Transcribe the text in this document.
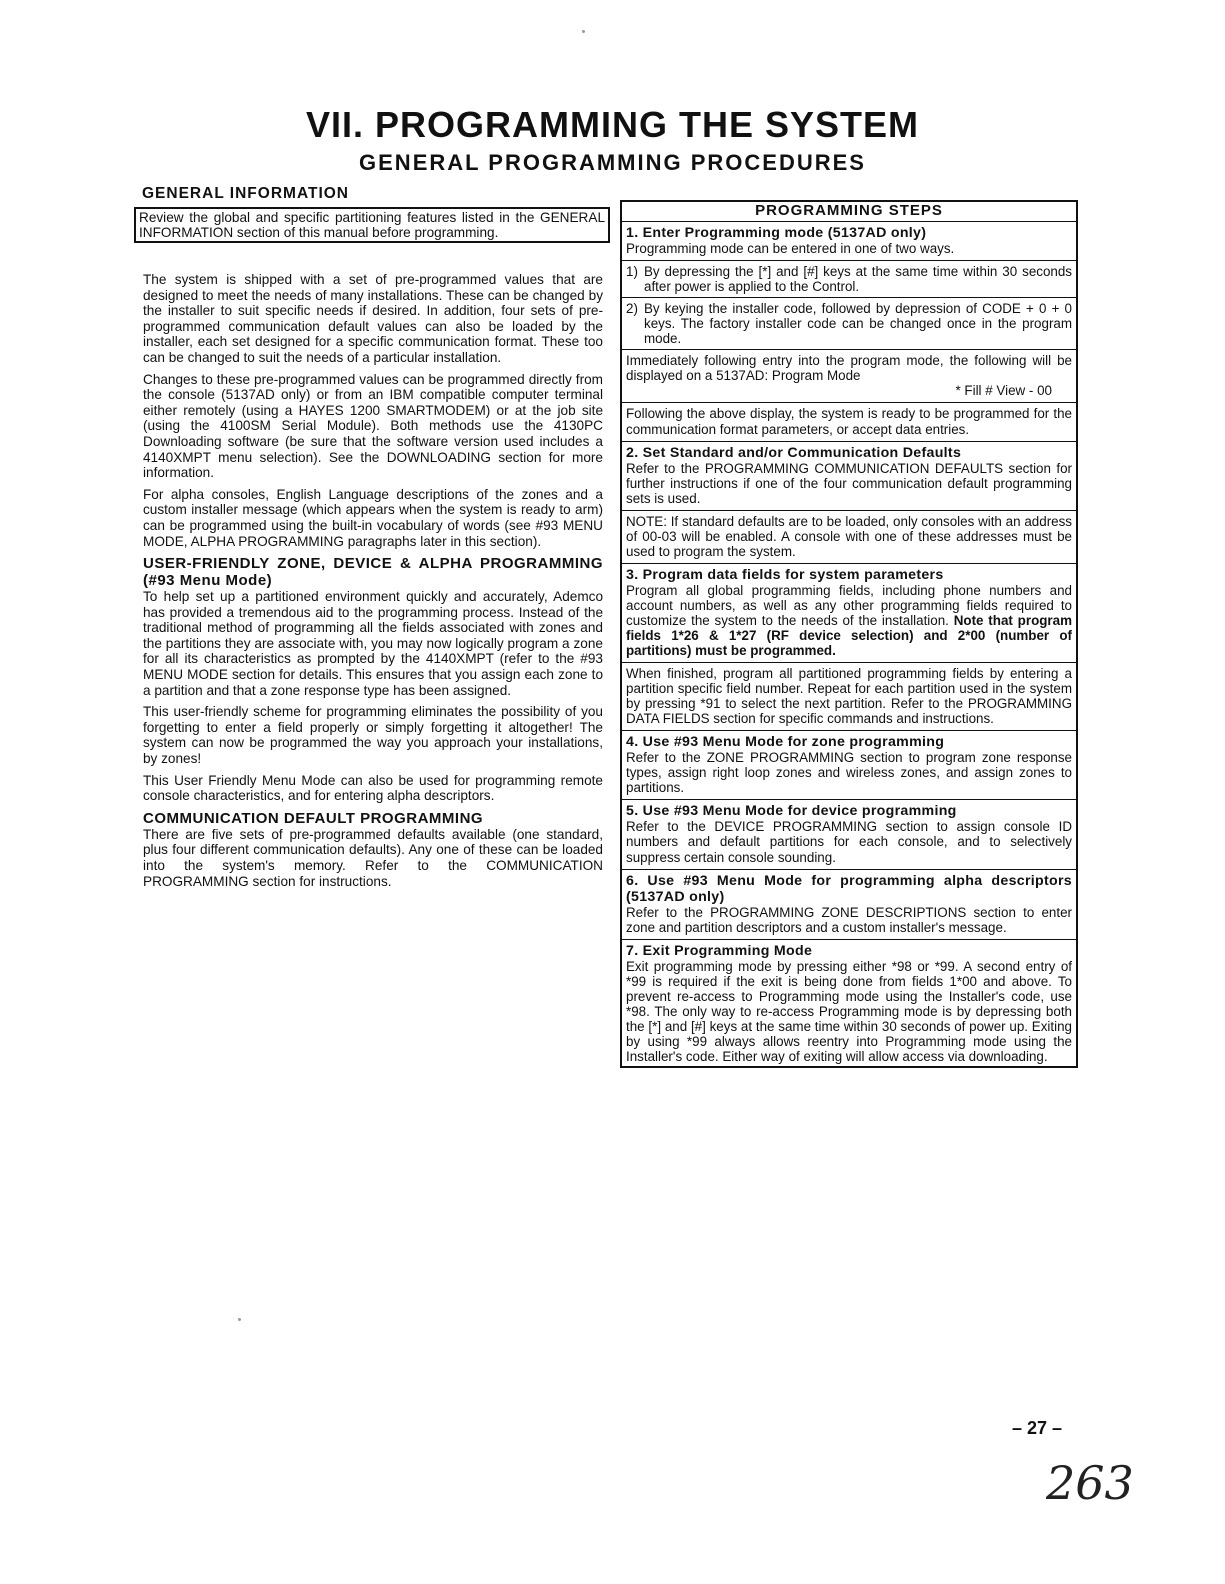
VII. PROGRAMMING THE SYSTEM
GENERAL PROGRAMMING PROCEDURES
GENERAL INFORMATION
Review the global and specific partitioning features listed in the GENERAL INFORMATION section of this manual before programming.

The system is shipped with a set of pre-programmed values that are designed to meet the needs of many installations. These can be changed by the installer to suit specific needs if desired. In addition, four sets of pre-programmed communication default values can also be loaded by the installer, each set designed for a specific communication format. These too can be changed to suit the needs of a particular installation.

Changes to these pre-programmed values can be programmed directly from the console (5137AD only) or from an IBM compatible computer terminal either remotely (using a HAYES 1200 SMARTMODEM) or at the job site (using the 4100SM Serial Module). Both methods use the 4130PC Downloading software (be sure that the software version used includes a 4140XMPT menu selection). See the DOWNLOADING section for more information.

For alpha consoles, English Language descriptions of the zones and a custom installer message (which appears when the system is ready to arm) can be programmed using the built-in vocabulary of words (see #93 MENU MODE, ALPHA PROGRAMMING paragraphs later in this section).

USER-FRIENDLY ZONE, DEVICE & ALPHA PROGRAMMING (#93 Menu Mode)

To help set up a partitioned environment quickly and accurately, Ademco has provided a tremendous aid to the programming process. Instead of the traditional method of programming all the fields associated with zones and the partitions they are associate with, you may now logically program a zone for all its characteristics as prompted by the 4140XMPT (refer to the #93 MENU MODE section for details. This ensures that you assign each zone to a partition and that a zone response type has been assigned.

This user-friendly scheme for programming eliminates the possibility of you forgetting to enter a field properly or simply forgetting it altogether! The system can now be programmed the way you approach your installations, by zones!

This User Friendly Menu Mode can also be used for programming remote console characteristics, and for entering alpha descriptors.

COMMUNICATION DEFAULT PROGRAMMING

There are five sets of pre-programmed defaults available (one standard, plus four different communication defaults). Any one of these can be loaded into the system's memory. Refer to the COMMUNICATION PROGRAMMING section for instructions.

PROGRAMMING STEPS
1. Enter Programming mode (5137AD only)

Programming mode can be entered in one of two ways.

1) By depressing the [*] and [#] keys at the same time within 30 seconds after power is applied to the Control.
2) By keying the installer code, followed by depression of CODE + 0 + 0 keys. The factory installer code can be changed once in the program mode.

Immediately following entry into the program mode, the following will be displayed on a 5137AD: Program Mode

* Fill # View - 00

Following the above display, the system is ready to be programmed for the communication format parameters, or accept data entries.

2. Set Standard and/or Communication Defaults

Refer to the PROGRAMMING COMMUNICATION DEFAULTS section for further instructions if one of the four communication default programming sets is used.

NOTE: If standard defaults are to be loaded, only consoles with an address of 00-03 will be enabled. A console with one of these addresses must be used to program the system.

3. Program data fields for system parameters

Program all global programming fields, including phone numbers and account numbers, as well as any other programming fields required to customize the system to the needs of the installation. Note that program fields 1*26 & 1*27 (RF device selection) and 2*00 (number of partitions) must be programmed.

When finished, program all partitioned programming fields by entering a partition specific field number. Repeat for each partition used in the system by pressing *91 to select the next partition. Refer to the PROGRAMMING DATA FIELDS section for specific commands and instructions.

4. Use #93 Menu Mode for zone programming

Refer to the ZONE PROGRAMMING section to program zone response types, assign right loop zones and wireless zones, and assign zones to partitions.

5. Use #93 Menu Mode for device programming

Refer to the DEVICE PROGRAMMING section to assign console ID numbers and default partitions for each console, and to selectively suppress certain console sounding.

6. Use #93 Menu Mode for programming alpha descriptors (5137AD only)

Refer to the PROGRAMMING ZONE DESCRIPTIONS section to enter zone and partition descriptors and a custom installer's message.

7. Exit Programming Mode

Exit programming mode by pressing either *98 or *99. A second entry of *99 is required if the exit is being done from fields 1*00 and above. To prevent re-access to Programming mode using the Installer's code, use *98. The only way to re-access Programming mode is by depressing both the [*] and [#] keys at the same time within 30 seconds of power up. Exiting by using *99 always allows reentry into Programming mode using the Installer's code. Either way of exiting will allow access via downloading.

– 27 –
263
